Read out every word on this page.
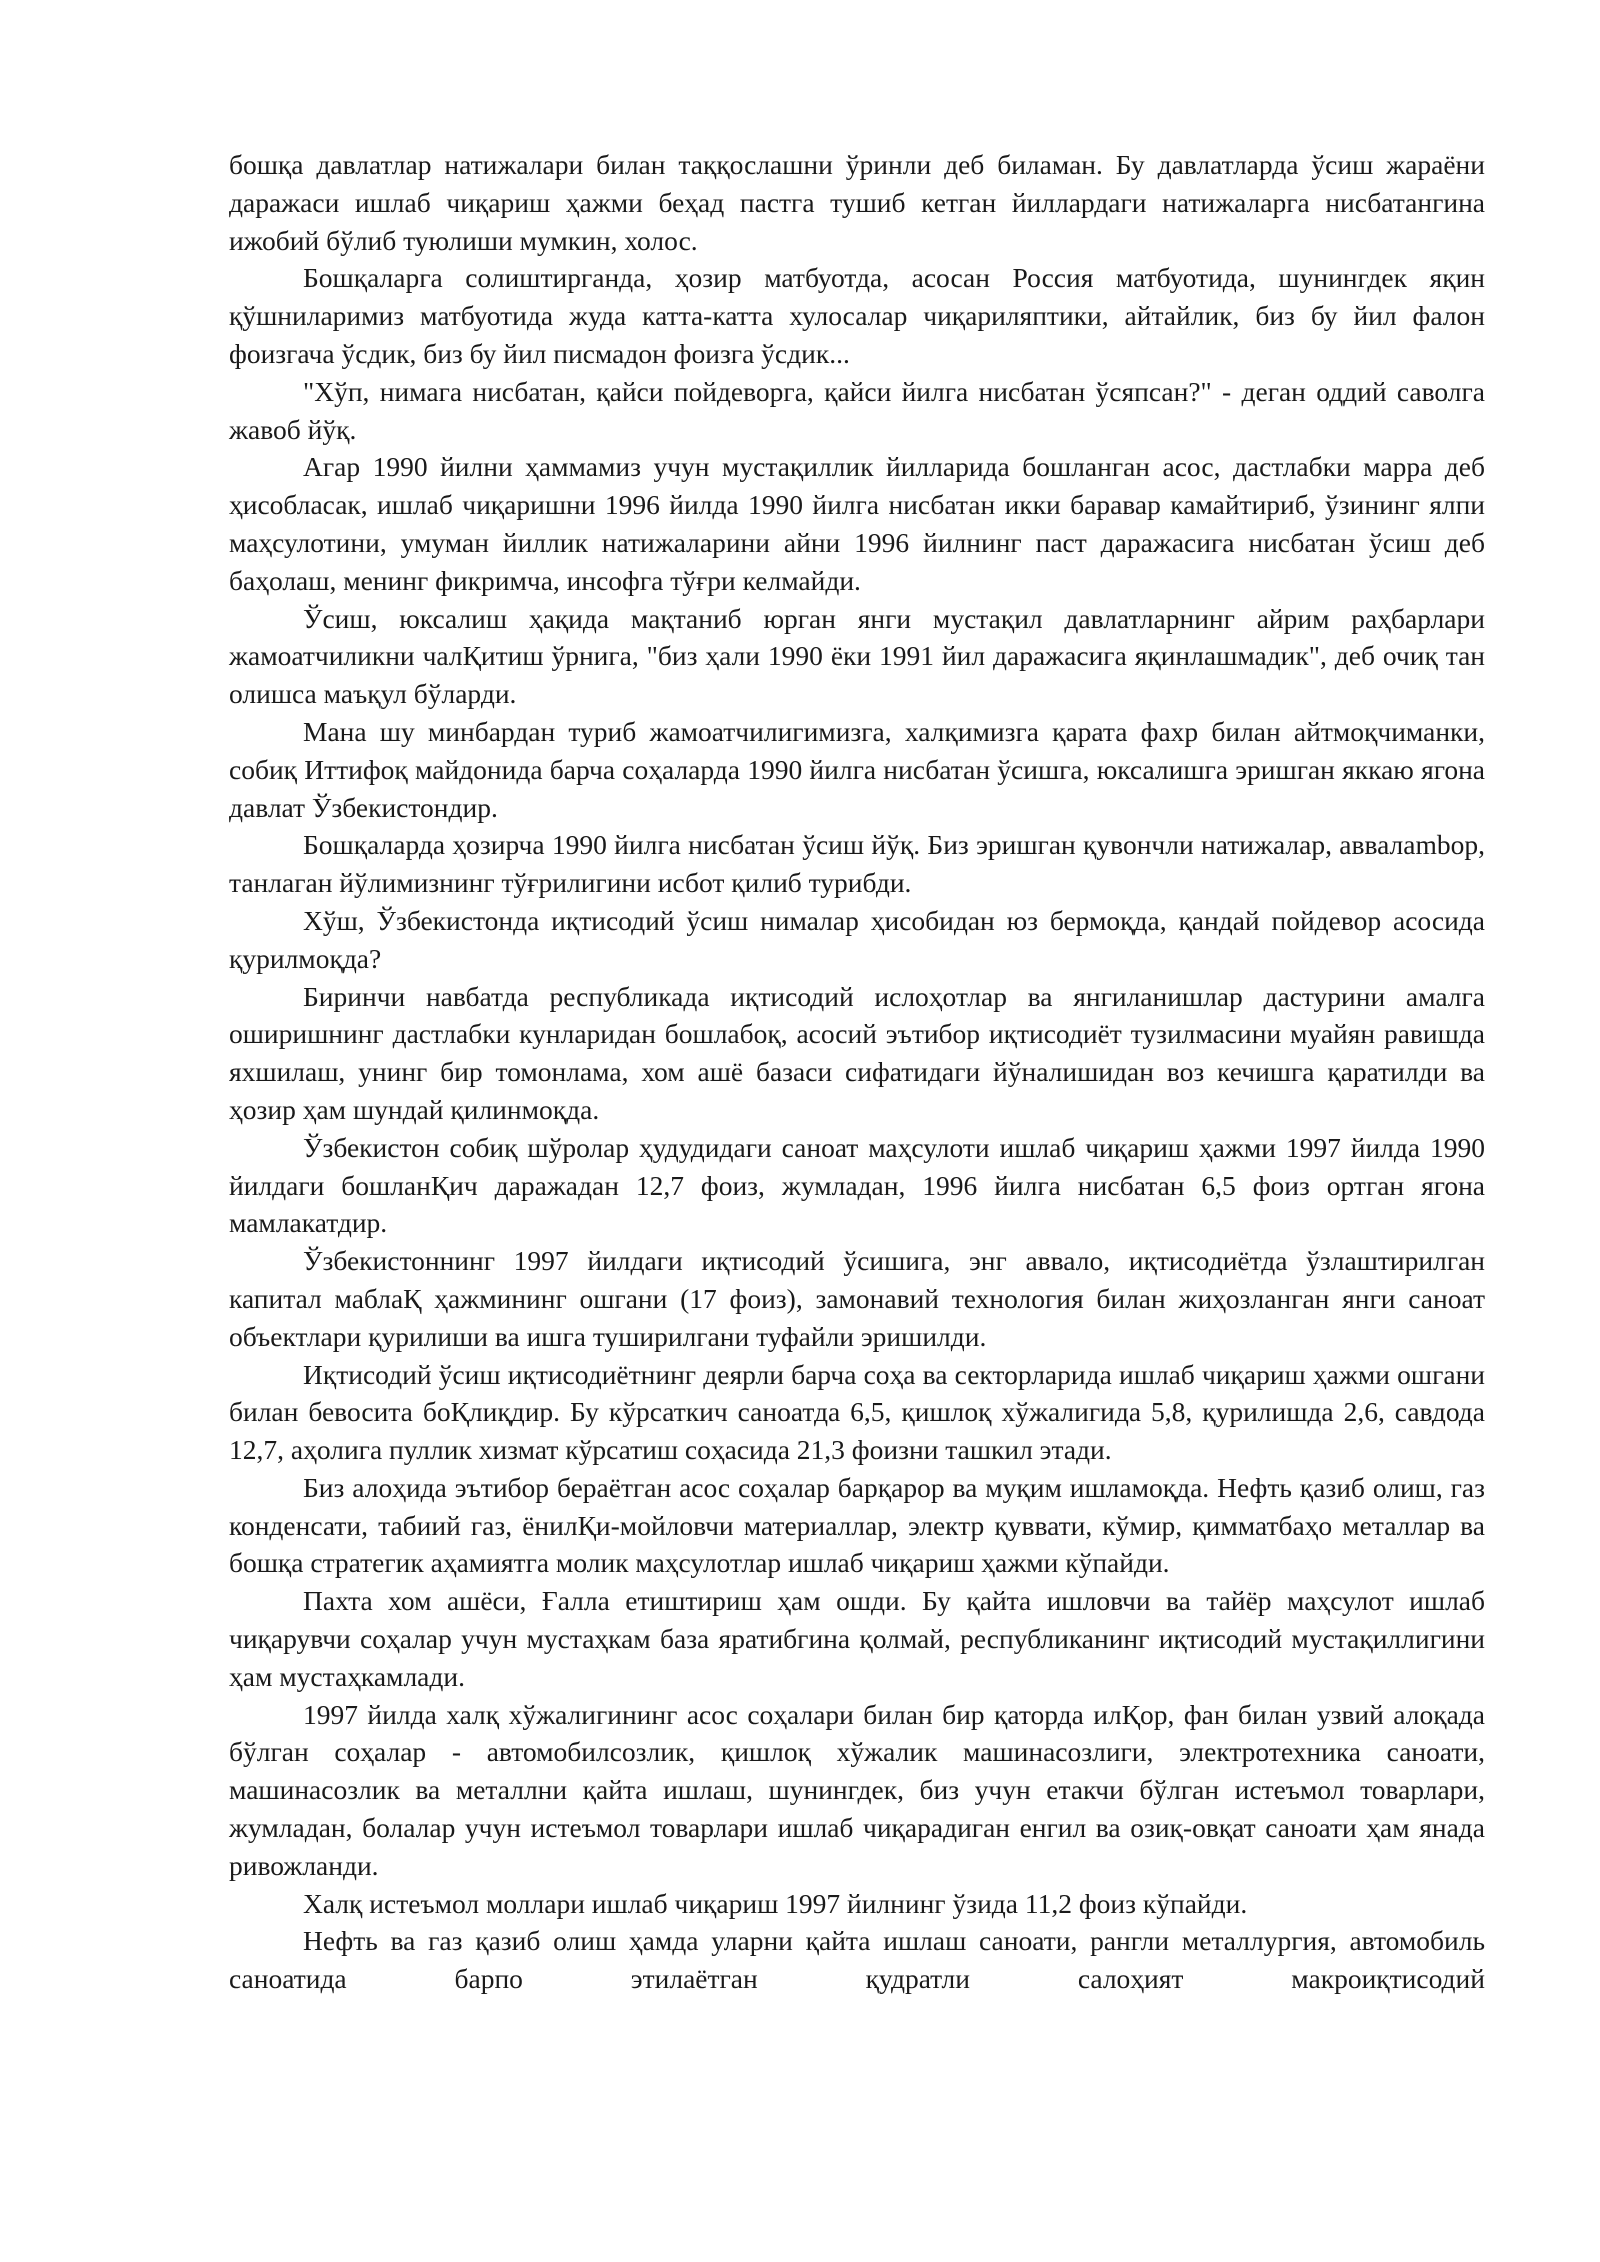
бошқа давлатлар натижалари билан таққослашни ўринли деб биламан. Бу давлатларда ўсиш жараёни даражаси ишлаб чиқариш ҳажми беҳад пастга тушиб кетган йиллардаги натижаларга нисбатангина ижобий бўлиб туюлиши мумкин, холос.

Бошқаларга солиштирганда, ҳозир матбуотда, асосан Россия матбуотида, шунингдек яқин қўшниларимиз матбуотида жуда катта-катта хулосалар чиқариляптики, айтайлик, биз бу йил фалон фоизгача ўсдик, биз бу йил писмадон фоизга ўсдик...

"Хўп, нимага нисбатан, қайси пойдеворга, қайси йилга нисбатан ўсяпсан?" - деган оддий саволга жавоб йўқ.

Агар 1990 йилни ҳаммамиз учун мустақиллик йилларида бошланган асос, дастлабки марра деб ҳисобласак, ишлаб чиқаришни 1996 йилда 1990 йилга нисбатан икки баравар камайтириб, ўзининг ялпи маҳсулотини, умуман йиллик натижаларини айни 1996 йилнинг паст даражасига нисбатан ўсиш деб баҳолаш, менинг фикримча, инсофга тўғри келмайди.

Ўсиш, юксалиш ҳақида мақтаниб юрган янги мустақил давлатларнинг айрим раҳбарлари жамоатчиликни чалҚитиш ўрнига, "биз ҳали 1990 ёки 1991 йил даражасига яқинлашмадик", деб очиқ тан олишса маъқул бўларди.

Мана шу минбардан туриб жамоатчилигимизга, халқимизга қарата фахр билан айтмоқчиманки, собиқ Иттифоқ майдонида барча соҳаларда 1990 йилга нисбатан ўсишга, юксалишга эришган яккаю ягона давлат Ўзбекистондир.

Бошқаларда ҳозирча 1990 йилга нисбатан ўсиш йўқ. Биз эришган қувончли натижалар, аввалambор, танлаган йўлимизнинг тўғрилигини исбот қилиб турибди.

Хўш, Ўзбекистонда иқтисодий ўсиш нималар ҳисобидан юз бермоқда, қандай пойдевор асосида қурилмоқда?

Биринчи навбатда республикада иқтисодий ислоҳотлар ва янгиланишлар дастурини амалга оширишнинг дастлабки кунларидан бошлабоқ, асосий эътибор иқтисодиёт тузилмасини муайян равишда яхшилаш, унинг бир томонлама, хом ашё базаси сифатидаги йўналишидан воз кечишга қаратилди ва ҳозир ҳам шундай қилинмоқда.

Ўзбекистон собиқ шўролар ҳудудидаги саноат маҳсулоти ишлаб чиқариш ҳажми 1997 йилда 1990 йилдаги бошланҚич даражадан 12,7 фоиз, жумладан, 1996 йилга нисбатан 6,5 фоиз ортган ягона мамлакатдир.

Ўзбекистоннинг 1997 йилдаги иқтисодий ўсишига, энг аввало, иқтисодиётда ўзлаштирилган капитал маблаҚ ҳажмининг ошгани (17 фоиз), замонавий технология билан жиҳозланган янги саноат объектлари қурилиши ва ишга туширилгани туфайли эришилди.

Иқтисодий ўсиш иқтисодиётнинг деярли барча соҳа ва секторларида ишлаб чиқариш ҳажми ошгани билан бевосита боҚлиқдир. Бу кўрсаткич саноатда 6,5, қишлоқ хўжалигида 5,8, қурилишда 2,6, савдода 12,7, аҳолига пуллик хизмат кўрсатиш соҳасида 21,3 фоизни ташкил этади.

Биз алоҳида эътибор бераётган асос соҳалар барқарор ва муқим ишламоқда. Нефть қазиб олиш, газ конденсати, табиий газ, ёнилҚи-мойловчи материаллар, электр қуввати, кўмир, қимматбаҳо металлар ва бошқа стратегик аҳамиятга молик маҳсулотлар ишлаб чиқариш ҳажми кўпайди.

Пахта хом ашёси, Ғалла етиштириш ҳам ошди. Бу қайта ишловчи ва тайёр маҳсулот ишлаб чиқарувчи соҳалар учун мустаҳкам база яратибгина қолмай, республиканинг иқтисодий мустақиллигини ҳам мустаҳкамлади.

1997 йилда халқ хўжалигининг асос соҳалари билан бир қаторда илҚор, фан билан узвий алоқада бўлган соҳалар - автомобилсозлик, қишлоқ хўжалик машинасозлиги, электротехника саноати, машинасозлик ва металлни қайта ишлаш, шунингдек, биз учун етакчи бўлган истеъмол товарлари, жумладан, болалар учун истеъмол товарлари ишлаб чиқарадиган енгил ва озиқ-овқат саноати ҳам янада ривожланди.

Халқ истеъмол моллари ишлаб чиқариш 1997 йилнинг ўзида 11,2 фоиз кўпайди.

Нефть ва газ қазиб олиш ҳамда уларни қайта ишлаш саноати, рангли металлургия, автомобиль саноатида барпо этилаётган қудратли салоҳият макроиқтисодий
